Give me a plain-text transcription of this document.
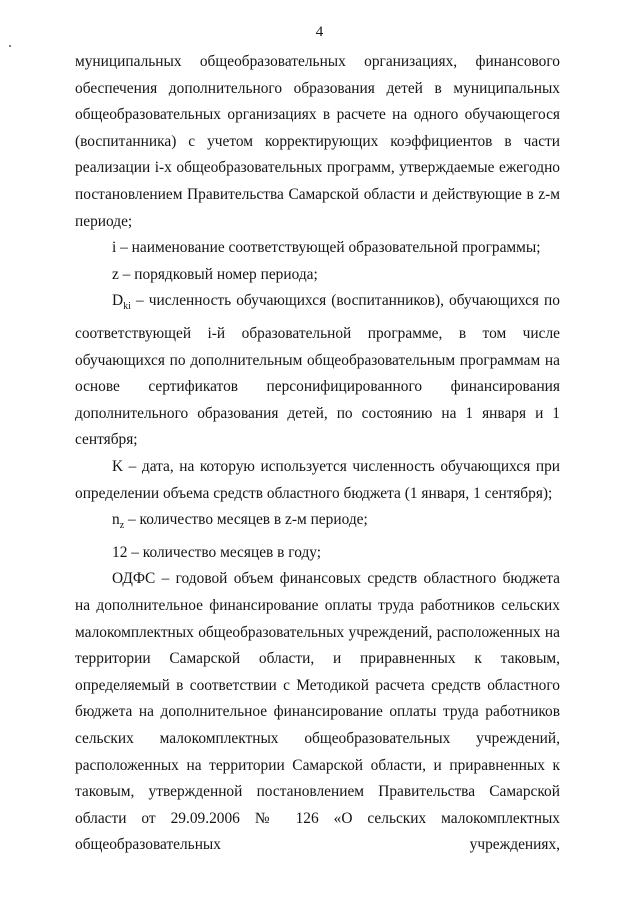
4

муниципальных общеобразовательных организациях, финансового обеспечения дополнительного образования детей в муниципальных общеобразовательных организациях в расчете на одного обучающегося (воспитанника) с учетом корректирующих коэффициентов в части реализации i-х общеобразовательных программ, утверждаемые ежегодно постановлением Правительства Самарской области и действующие в z-м периоде;

i – наименование соответствующей образовательной программы;

z – порядковый номер периода;

$D_{ki}$ – численность обучающихся (воспитанников), обучающихся по соответствующей i-й образовательной программе, в том числе обучающихся по дополнительным общеобразовательным программам на основе сертификатов персонифицированного финансирования дополнительного образования детей, по состоянию на 1 января и 1 сентября;

K – дата, на которую используется численность обучающихся при определении объема средств областного бюджета (1 января, 1 сентября);

$n_z$ – количество месяцев в z-м периоде;

12 – количество месяцев в году;

ОДФС – годовой объем финансовых средств областного бюджета на дополнительное финансирование оплаты труда работников сельских малокомплектных общеобразовательных учреждений, расположенных на территории Самарской области, и приравненных к таковым, определяемый в соответствии с Методикой расчета средств областного бюджета на дополнительное финансирование оплаты труда работников сельских малокомплектных общеобразовательных учреждений, расположенных на территории Самарской области, и приравненных к таковым, утвержденной постановлением Правительства Самарской области от 29.09.2006 № 126 «О сельских малокомплектных общеобразовательных учреждениях,
